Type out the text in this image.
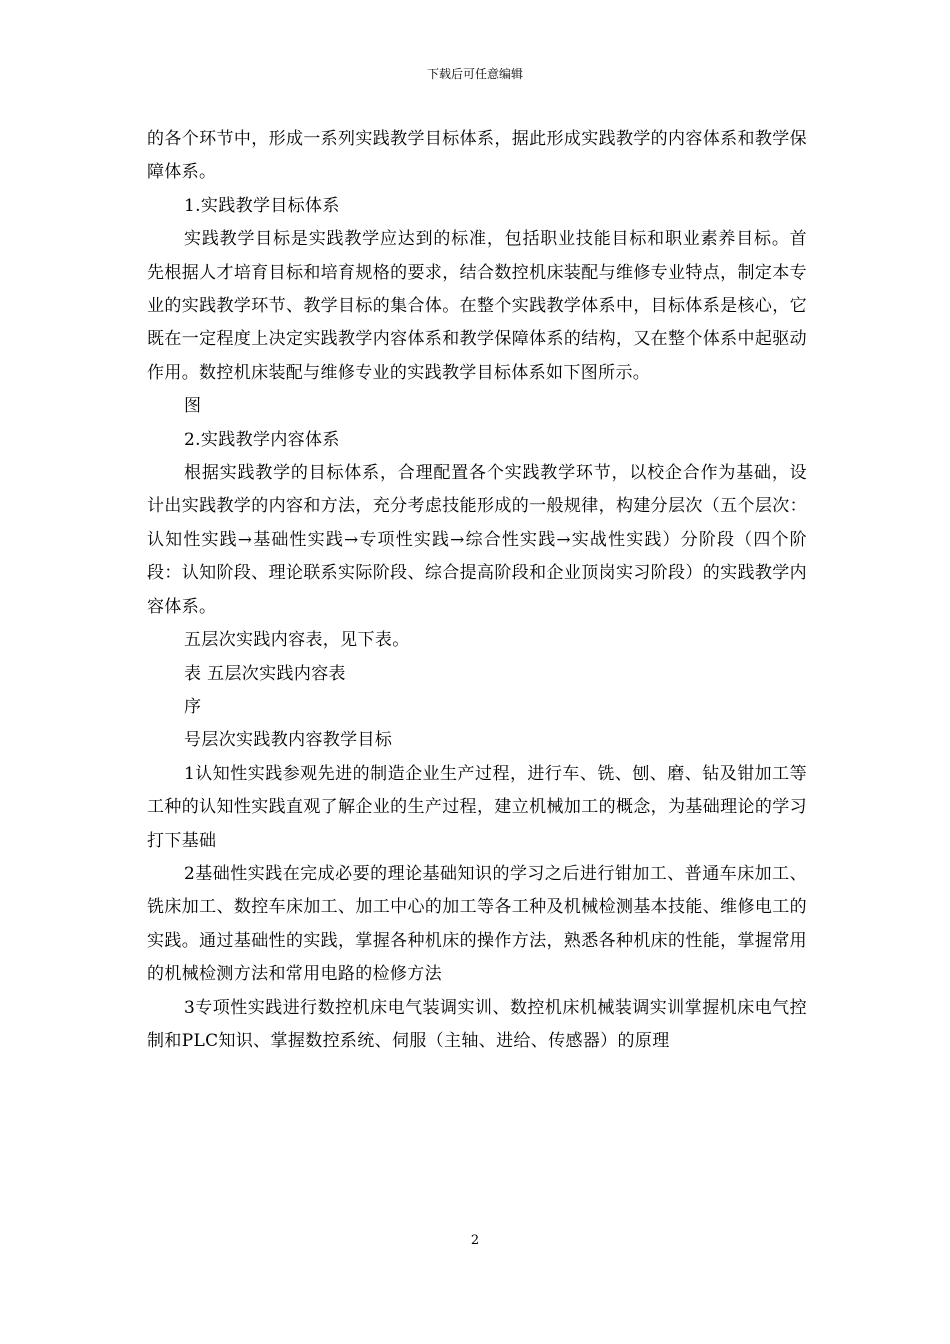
下载后可任意编辑

的各个环节中，形成一系列实践教学目标体系，据此形成实践教学的内容体系和教学保障体系。

1.实践教学目标体系

实践教学目标是实践教学应达到的标准，包括职业技能目标和职业素养目标。首先根据人才培育目标和培育规格的要求，结合数控机床装配与维修专业特点，制定本专业的实践教学环节、教学目标的集合体。在整个实践教学体系中，目标体系是核心，它既在一定程度上决定实践教学内容体系和教学保障体系的结构，又在整个体系中起驱动作用。数控机床装配与维修专业的实践教学目标体系如下图所示。

图

2.实践教学内容体系

根据实践教学的目标体系，合理配置各个实践教学环节，以校企合作为基础，设计出实践教学的内容和方法，充分考虑技能形成的一般规律，构建分层次（五个层次：认知性实践→基础性实践→专项性实践→综合性实践→实战性实践）分阶段（四个阶段：认知阶段、理论联系实际阶段、综合提高阶段和企业顶岗实习阶段）的实践教学内容体系。

五层次实践内容表，见下表。

表 五层次实践内容表

序

号层次实践教内容教学目标

1认知性实践参观先进的制造企业生产过程，进行车、铣、刨、磨、钻及钳加工等工种的认知性实践直观了解企业的生产过程，建立机械加工的概念，为基础理论的学习打下基础

2基础性实践在完成必要的理论基础知识的学习之后进行钳加工、普通车床加工、铣床加工、数控车床加工、加工中心的加工等各工种及机械检测基本技能、维修电工的实践。通过基础性的实践，掌握各种机床的操作方法，熟悉各种机床的性能，掌握常用的机械检测方法和常用电路的检修方法

3专项性实践进行数控机床电气装调实训、数控机床机械装调实训掌握机床电气控制和PLC知识、掌握数控系统、伺服（主轴、进给、传感器）的原理

2
